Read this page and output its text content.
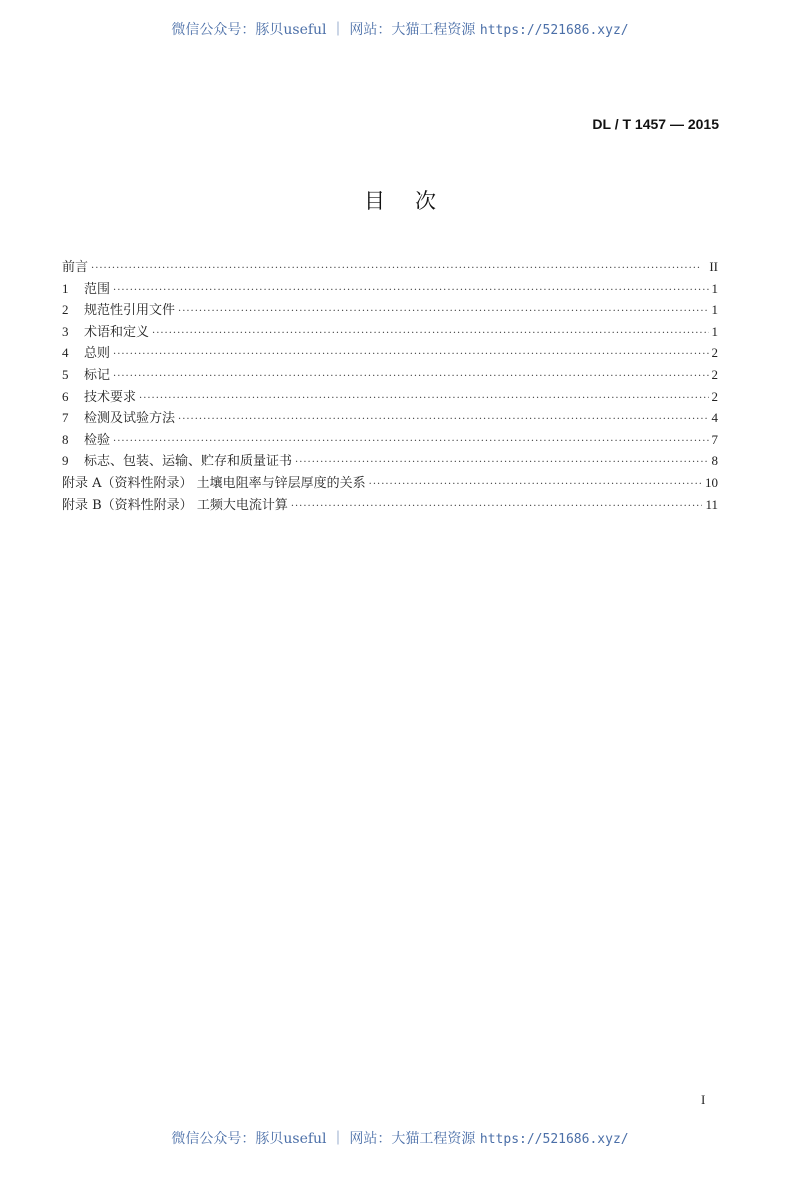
微信公众号：豚贝useful ｜ 网站：大猫工程资源 https://521686.xyz/
DL / T 1457 — 2015
目次
前言 ·····	II
1	范围 ·····	1
2	规范性引用文件 ·····	1
3	术语和定义 ·····	1
4	总则 ·····	2
5	标记 ·····	2
6	技术要求 ·····	2
7	检测及试验方法 ·····	4
8	检验 ·····	7
9	标志、包装、运输、贮存和质量证书 ·····	8
附录 A（资料性附录） 土壤电阻率与锌层厚度的关系 ·····	10
附录 B（资料性附录） 工频大电流计算 ·····	11
I
微信公众号：豚贝useful ｜ 网站：大猫工程资源 https://521686.xyz/
